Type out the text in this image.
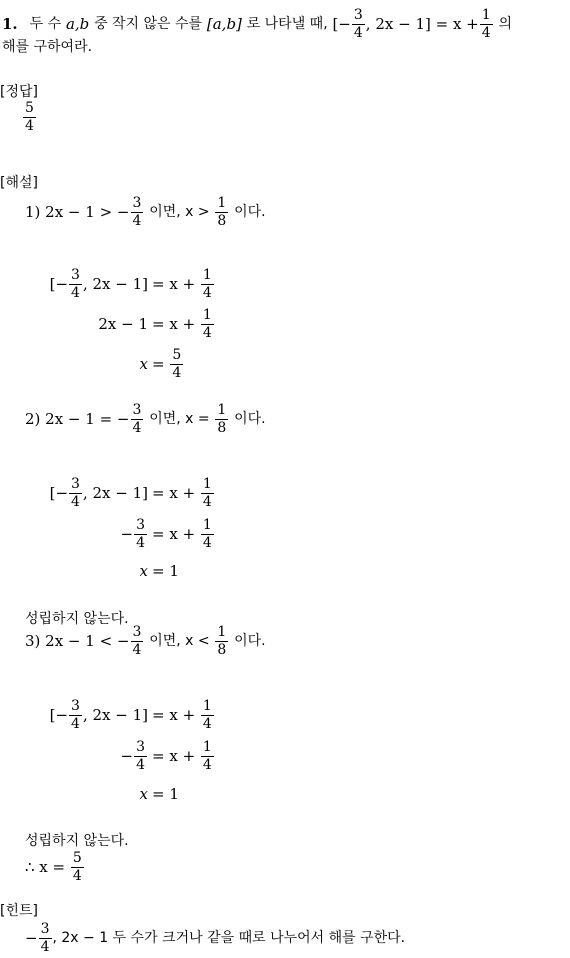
1. 두 수
a,b
중 작지 않은 수를
[a,b]
로 나타낼 때,
[− $\frac{3}{4}$ , $2x - 1] = x + \frac{1}{4}$
의
해를 구하여라.
[정답]
$\frac{5}{4}$
[해설]
1) 2x − 1 > − $\frac{3}{4}$
이면, x >
$\frac{1}{8}$
이다.
[− $\frac{3}{4}$ , 2x − 1] = x +
$\frac{1}{4}$
2x − 1 = x +
$\frac{1}{4}$
x =
$\frac{5}{4}$
2) 2x − 1 = − $\frac{3}{4}$
이면, x =
$\frac{1}{8}$
이다.
[− $\frac{3}{4}$ , 2x − 1] = x +
$\frac{1}{4}$
− $\frac{3}{4} = x$ +
$\frac{1}{4}$
x = 1
성립하지 않는다.
3) 2x − 1 < − $\frac{3}{4}$
이면, x <
$\frac{1}{8}$
이다.
[− $\frac{3}{4}$ , 2x − 1] = x +
$\frac{1}{4}$
− $\frac{3}{4} = x$ +
$\frac{1}{4}$
x = 1
성립하지 않는다.
∴ x =
$\frac{5}{4}$
[힌트]
− $\frac{3}{4}$ , 2x − 1 두 수가 크거나 같을 때로 나누어서 해를 구한다.
